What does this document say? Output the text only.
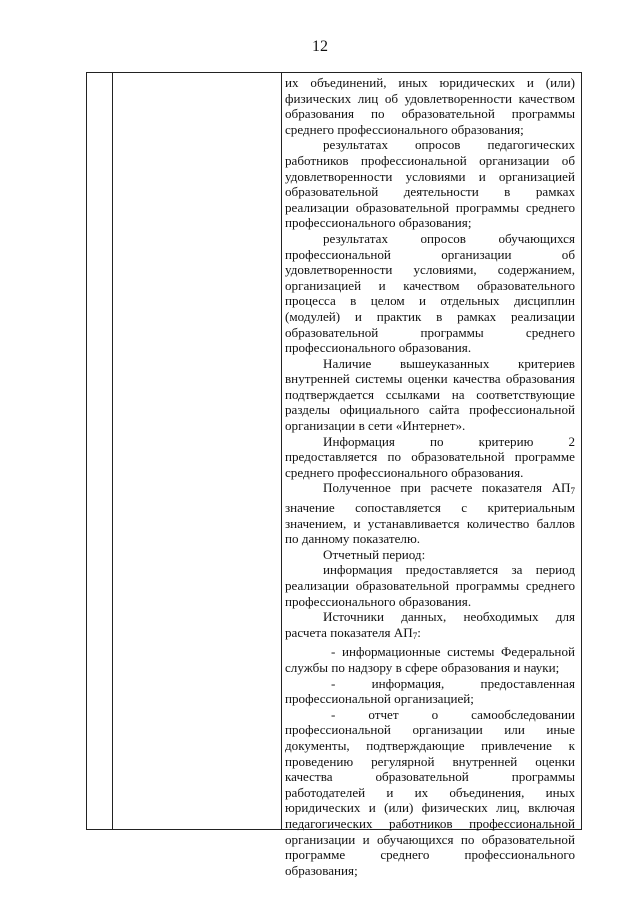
12

их объединений, иных юридических и (или) физических лиц об удовлетворенности качеством образования по образовательной программы среднего профессионального образования;

результатах опросов педагогических работников профессиональной организации об удовлетворенности условиями и организацией образовательной деятельности в рамках реализации образовательной программы среднего профессионального образования;

результатах опросов обучающихся профессиональной организации об удовлетворенности условиями, содержанием, организацией и качеством образовательного процесса в целом и отдельных дисциплин (модулей) и практик в рамках реализации образовательной программы среднего профессионального образования.

Наличие вышеуказанных критериев внутренней системы оценки качества образования подтверждается ссылками на соответствующие разделы официального сайта профессиональной организации в сети «Интернет».

Информация по критерию 2 предоставляется по образовательной программе среднего профессионального образования.

Полученное при расчете показателя $АП_7$ значение сопоставляется с критериальным значением, и устанавливается количество баллов по данному показателю.

Отчетный период:

информация предоставляется за период реализации образовательной программы среднего профессионального образования.

Источники данных, необходимых для расчета показателя $АП_7$:

- информационные системы Федеральной службы по надзору в сфере образования и науки;

- информация, предоставленная профессиональной организацией;

- отчет о самообследовании профессиональной организации или иные документы, подтверждающие привлечение к проведению регулярной внутренней оценки качества образовательной программы работодателей и их объединения, иных юридических и (или) физических лиц, включая педагогических работников профессиональной организации и обучающихся по образовательной программе среднего профессионального образования;
